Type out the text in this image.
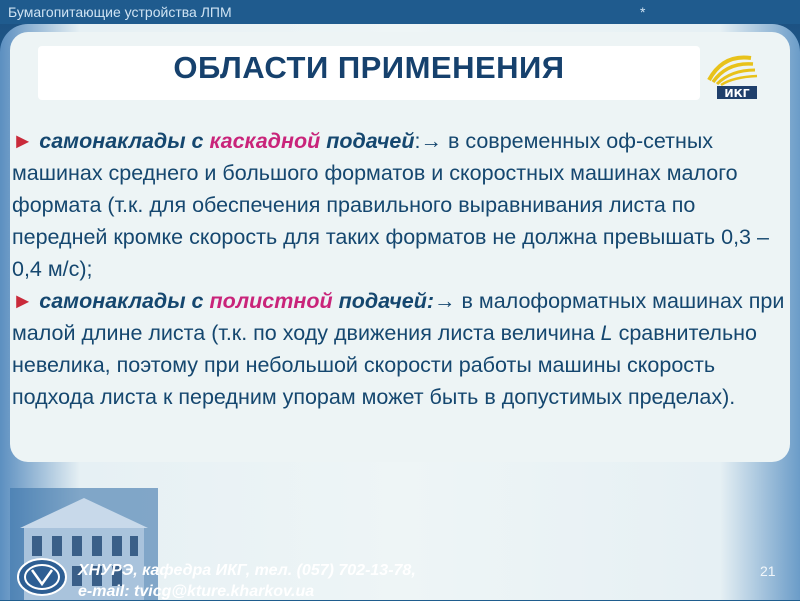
Бумагопитающие устройства ЛПМ	*
ОБЛАСТИ ПРИМЕНЕНИЯ
ИКГ
► самонаклады с каскадной подачей:→ в современных оф-сетных машинах среднего и большого форматов и скоростных машинах малого формата (т.к. для обеспечения правильного выравнивания листа по передней кромке скорость для таких форматов не должна превышать 0,3 – 0,4 м/с);
► самонаклады с полистной подачей:→ в малоформатных машинах при малой длине листа (т.к. по ходу движения листа величина L сравнительно невелика, поэтому при небольшой скорости работы машины скорость подхода листа к передним упорам может быть в допустимых пределах).
ХНУРЭ, кафедра ИКГ, тел. (057) 702-13-78,
e-mail: tvicg@kture.kharkov.ua
21
